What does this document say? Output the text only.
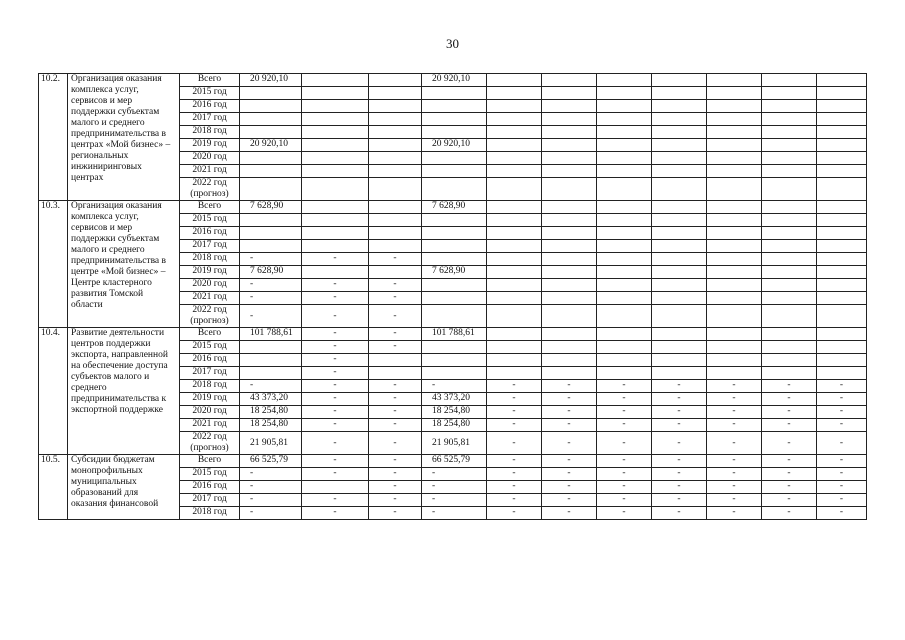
30
10.2.	Организация оказания комплекса услуг, сервисов и мер поддержки субъектам малого и среднего предпринимательства в центрах «Мой бизнес» – региональных инжиниринговых центрах	Всего	20 920,10			20 920,10							
		2015 год											
		2016 год											
		2017 год											
		2018 год											
		2019 год	20 920,10			20 920,10							
		2020 год											
		2021 год											
		2022 год (прогноз)											
10.3.	Организация оказания комплекса услуг, сервисов и мер поддержки субъектам малого и среднего предпринимательства в центре «Мой бизнес» – Центре кластерного развития Томской области	Всего	7 628,90			7 628,90							
		2015 год											
		2016 год											
		2017 год											
		2018 год	-	-	-								
		2019 год	7 628,90			7 628,90							
		2020 год	-	-	-								
		2021 год	-	-	-								
		2022 год (прогноз)	-	-	-								
10.4.	Развитие деятельности центров поддержки экспорта, направленной на обеспечение доступа субъектов малого и среднего предпринимательства к экспортной поддержке	Всего	101 788,61	-	-	101 788,61							
		2015 год		-	-								
		2016 год		-									
		2017 год		-									
		2018 год	-	-	-	-	-	-	-	-	-	-	-
		2019 год	43 373,20	-	-	43 373,20	-	-	-	-	-	-	-
		2020 год	18 254,80	-	-	18 254,80	-	-	-	-	-	-	-
		2021 год	18 254,80	-	-	18 254,80	-	-	-	-	-	-	-
		2022 год (прогноз)	21 905,81	-	-	21 905,81	-	-	-	-	-	-	-
10.5.	Субсидии бюджетам монопрофильных муниципальных образований для оказания финансовой	Всего	66 525,79	-	-	66 525,79	-	-	-	-	-	-	-
		2015 год	-	-	-	-	-	-	-	-	-	-	-
		2016 год	-		-	-	-	-	-	-	-	-	-
		2017 год	-	-	-	-	-	-	-	-	-	-	-
		2018 год	-	-	-	-	-	-	-	-	-	-	-
